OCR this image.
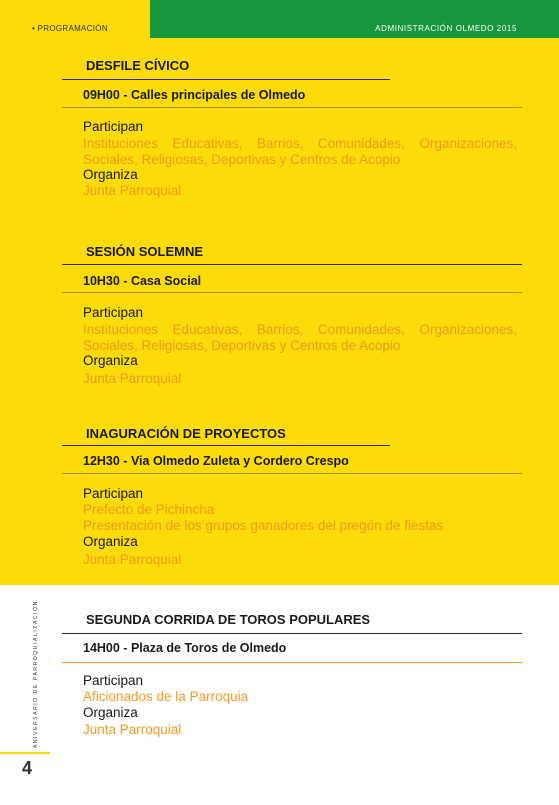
• PROGRAMACIÓN	ADMINISTRACIÓN OLMEDO 2015
DESFILE CÍVICO
09H00 - Calles principales de Olmedo
Participan
Instituciones Educativas, Barrios, Comunidades, Organizaciones,
Sociales, Religiosas, Deportivas y Centros de Acopio
Organiza
Junta Parroquial
SESIÓN SOLEMNE
10H30 - Casa Social
Participan
Instituciones Educativas, Barrios, Comunidades, Organizaciones,
Sociales, Religiosas, Deportivas y Centros de Acopio
Organiza
Junta Parroquial
INAGURACIÓN DE PROYECTOS
12H30 - Via Olmedo Zuleta y Cordero Crespo
Participan
Prefecto de Pichincha
Presentación de los grupos ganadores del pregón de fiestas
Organiza
Junta Parroquial
SEGUNDA CORRIDA DE TOROS POPULARES
14H00 - Plaza de Toros de Olmedo
Participan
Aficionados de la Parroquia
Organiza
Junta Parroquial
ANIVERSARIO DE PARROQUIALIZACIÓN
4
